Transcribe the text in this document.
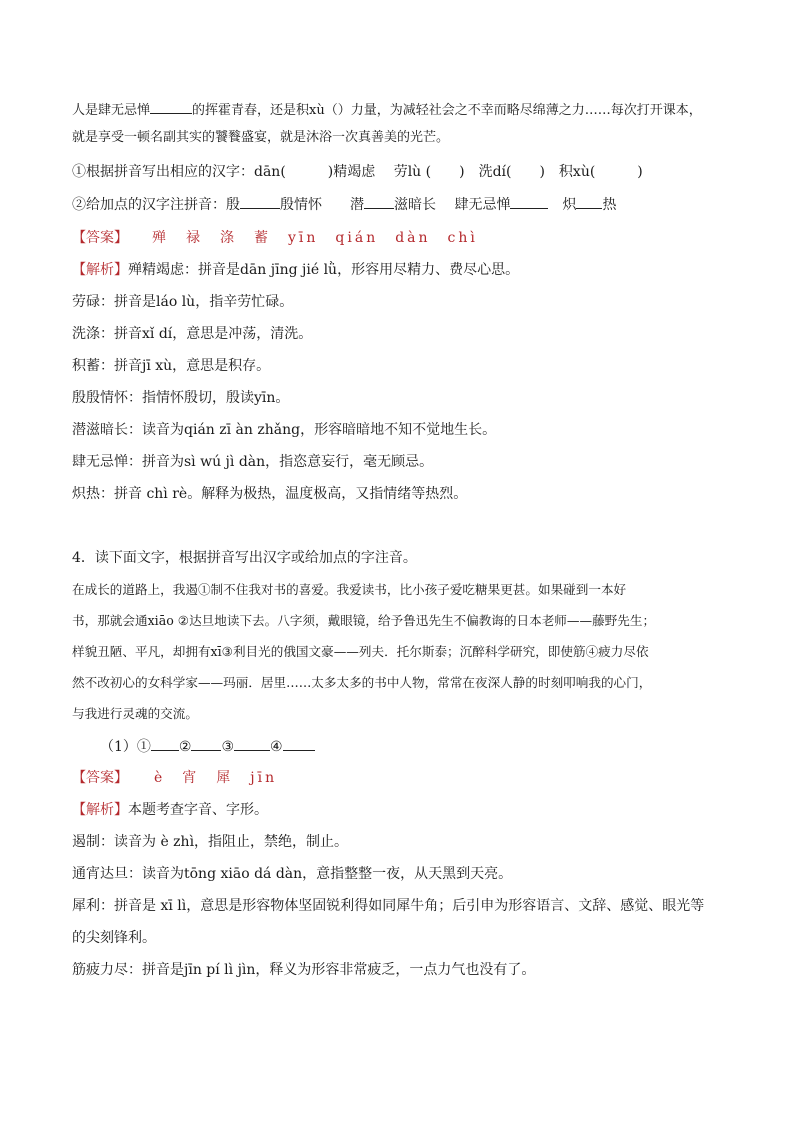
人是肆无忌惮	的挥霍青春，还是积xù（）力量，为减轻社会之不幸而略尽绵薄之力……每次打开课本，
就是享受一顿名副其实的饕餮盛宴，就是沐浴一次真善美的光芒。
①根据拼音写出相应的汉字：dān(　　　)精竭虑　 劳lù (　　)　洗dí(　　)　积xù(　　　)
②给加点的汉字注拼音：殷	殷情怀　　潜 滋暗长　 肆无忌惮	　炽 热
【答案】 殚　禄　涤　蓄　yīn　qián　dàn　chì
【解析】殚精竭虑：拼音是dān jīng jié lǜ，形容用尽精力、费尽心思。
劳碌：拼音是láo lù，指辛劳忙碌。
洗涤：拼音xǐ dí，意思是冲荡，清洗。
积蓄：拼音jī xù，意思是积存。
殷殷情怀：指情怀殷切，殷读yīn。
潜滋暗长：读音为qián zī àn zhǎng，形容暗暗地不知不觉地生长。
肆无忌惮：拼音为sì wú jì dàn，指恣意妄行，毫无顾忌。
炽热：拼音 chì rè。解释为极热，温度极高，又指情绪等热烈。
4．读下面文字，根据拼音写出汉字或给加点的字注音。
在成长的道路上，我遏①制不住我对书的喜爱。我爱读书，比小孩子爱吃糖果更甚。如果碰到一本好
书，那就会通xiāo ②达旦地读下去。八字须，戴眼镜，给予鲁迅先生不偏教诲的日本老师——藤野先生；
样貌丑陋、平凡，却拥有xī③利目光的俄国文豪——列夫．托尔斯泰；沉醉科学研究，即使筋④疲力尽依
然不改初心的女科学家——玛丽．居里……太多太多的书中人物，常常在夜深人静的时刻叩响我的心门，
与我进行灵魂的交流。
（1）① ② ③	④
【答案】 è　宵　犀　jīn
【解析】本题考查字音、字形。
遏制：读音为 è zhì，指阻止，禁绝，制止。
通宵达旦：读音为tōng xiāo dá dàn，意指整整一夜，从天黑到天亮。
犀利：拼音是 xī lì，意思是形容物体坚固锐利得如同犀牛角；后引申为形容语言、文辞、感觉、眼光等
的尖刻锋利。
筋疲力尽：拼音是jīn pí lì jìn，释义为形容非常疲乏，一点力气也没有了。
